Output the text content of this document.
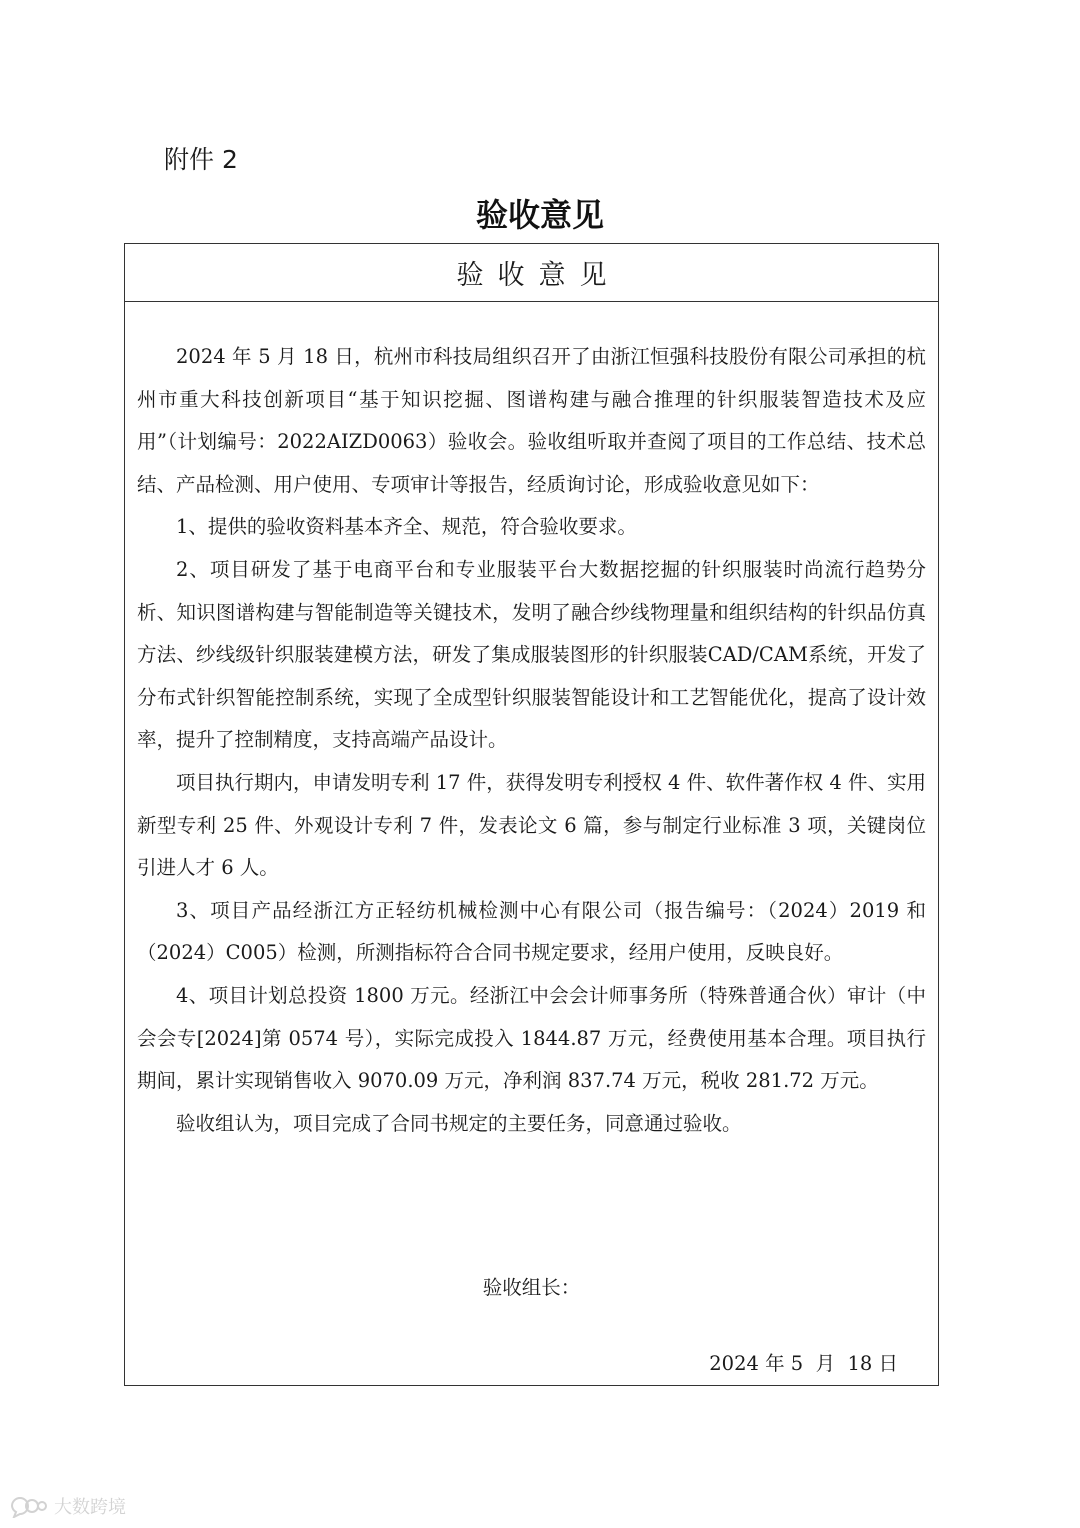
附件 2
验收意见
验收意见

2024 年 5 月 18 日，杭州市科技局组织召开了由浙江恒强科技股份有限公司承担的杭州市重大科技创新项目“基于知识挖掘、图谱构建与融合推理的针织服装智造技术及应用”（计划编号：2022AIZD0063）验收会。验收组听取并查阅了项目的工作总结、技术总结、产品检测、用户使用、专项审计等报告，经质询讨论，形成验收意见如下：

1、提供的验收资料基本齐全、规范，符合验收要求。

2、项目研发了基于电商平台和专业服装平台大数据挖掘的针织服装时尚流行趋势分析、知识图谱构建与智能制造等关键技术，发明了融合纱线物理量和组织结构的针织品仿真方法、纱线级针织服装建模方法，研发了集成服装图形的针织服装CAD/CAM系统，开发了分布式针织智能控制系统，实现了全成型针织服装智能设计和工艺智能优化，提高了设计效率，提升了控制精度，支持高端产品设计。

项目执行期内，申请发明专利 17 件，获得发明专利授权 4 件、软件著作权 4 件、实用新型专利 25 件、外观设计专利 7 件，发表论文 6 篇，参与制定行业标准 3 项，关键岗位引进人才 6 人。

3、项目产品经浙江方正轻纺机械检测中心有限公司（报告编号：（2024）2019 和（2024）C005）检测，所测指标符合合同书规定要求，经用户使用，反映良好。

4、项目计划总投资 1800 万元。经浙江中会会计师事务所（特殊普通合伙）审计（中会会专[2024]第 0574 号），实际完成投入 1844.87 万元，经费使用基本合理。项目执行期间，累计实现销售收入 9070.09 万元，净利润 837.74 万元，税收 281.72 万元。

验收组认为，项目完成了合同书规定的主要任务，同意通过验收。

验收组长：
2024 年 5  月  18 日
大数跨境
